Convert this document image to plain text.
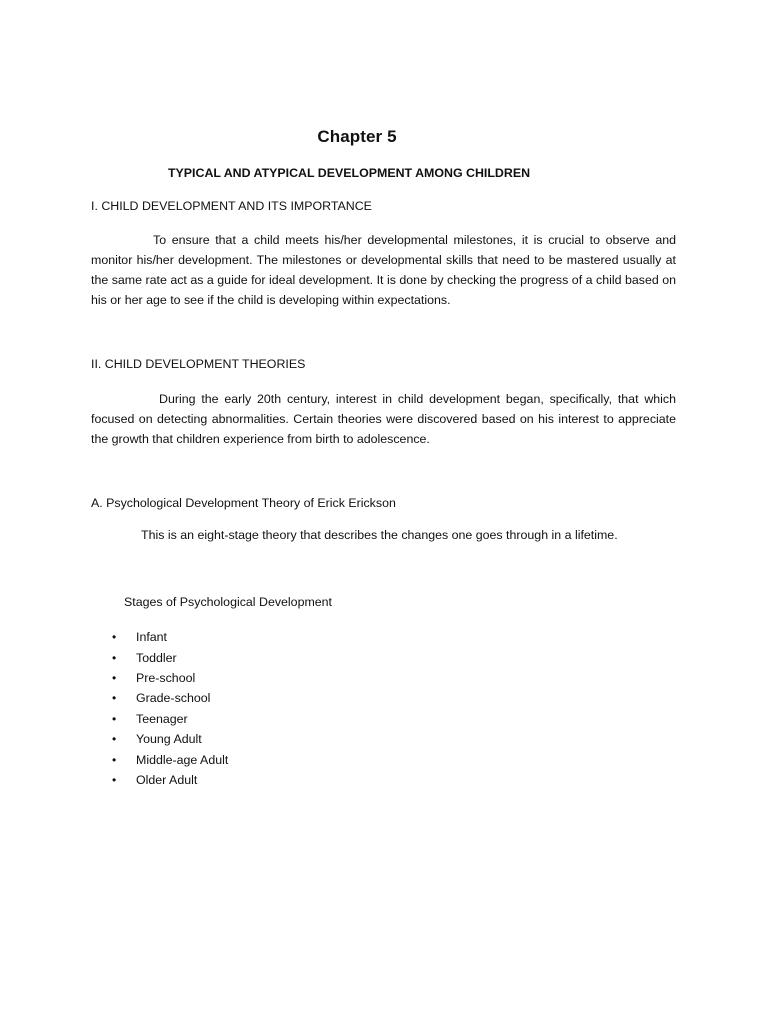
Chapter 5
TYPICAL AND ATYPICAL DEVELOPMENT AMONG CHILDREN
I. CHILD DEVELOPMENT AND ITS IMPORTANCE

To ensure that a child meets his/her developmental milestones, it is crucial to observe and monitor his/her development. The milestones or developmental skills that need to be mastered usually at the same rate act as a guide for ideal development. It is done by checking the progress of a child based on his or her age to see if the child is developing within expectations.

II. CHILD DEVELOPMENT THEORIES

During the early 20th century, interest in child development began, specifically, that which focused on detecting abnormalities. Certain theories were discovered based on his interest to appreciate the growth that children experience from birth to adolescence.

A. Psychological Development Theory of Erick Erickson

This is an eight-stage theory that describes the changes one goes through in a lifetime.

Stages of Psychological Development
•	Infant
•	Toddler
•	Pre-school
•	Grade-school
•	Teenager
•	Young Adult
•	Middle-age Adult
•	Older Adult
